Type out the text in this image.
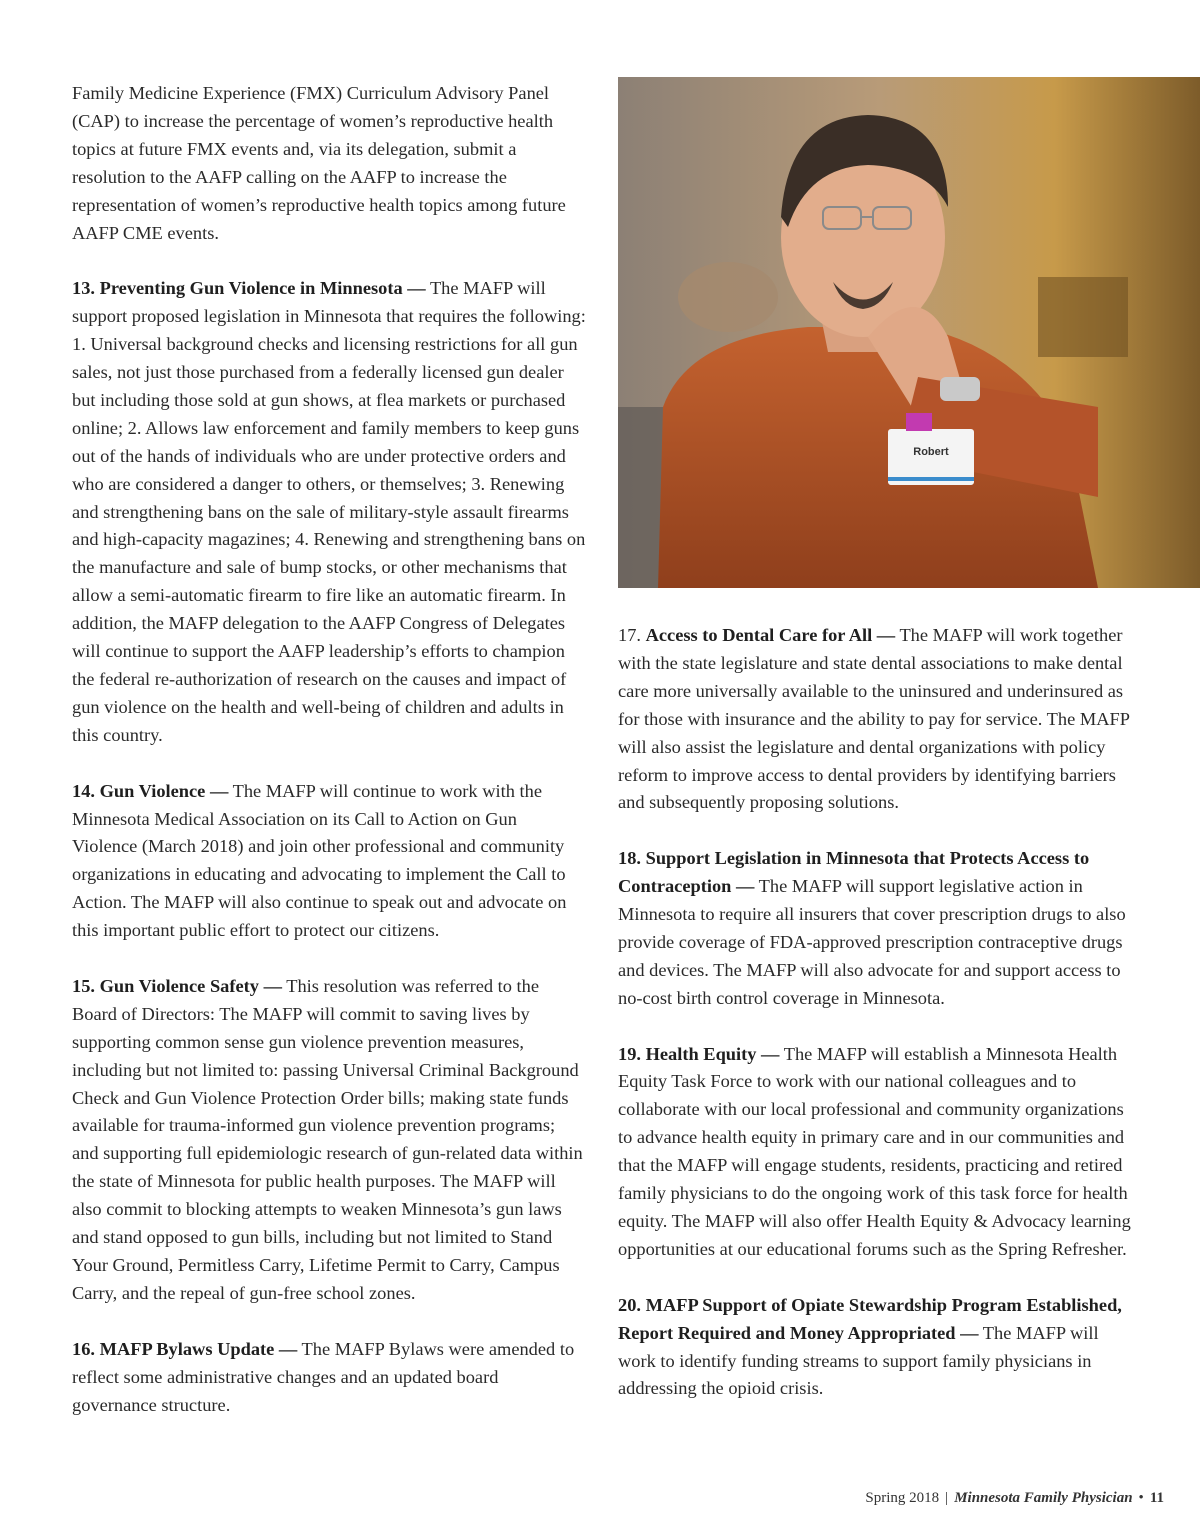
Family Medicine Experience (FMX) Curriculum Advisory Panel (CAP) to increase the percentage of women’s reproductive health topics at future FMX events and, via its delegation, submit a resolution to the AAFP calling on the AAFP to increase the representation of women’s reproductive health topics among future AAFP CME events.

13. Preventing Gun Violence in Minnesota — The MAFP will support proposed legislation in Minnesota that requires the following: 1. Universal background checks and licensing restrictions for all gun sales, not just those purchased from a federally licensed gun dealer but including those sold at gun shows, at flea markets or purchased online; 2. Allows law enforcement and family members to keep guns out of the hands of individuals who are under protective orders and who are considered a danger to others, or themselves; 3. Renewing and strengthening bans on the sale of military-style assault firearms and high-capacity magazines; 4. Renewing and strengthening bans on the manufacture and sale of bump stocks, or other mechanisms that allow a semi-automatic firearm to fire like an automatic firearm. In addition, the MAFP delegation to the AAFP Congress of Delegates will continue to support the AAFP leadership’s efforts to champion the federal re-authorization of research on the causes and impact of gun violence on the health and well-being of children and adults in this country.

14. Gun Violence — The MAFP will continue to work with the Minnesota Medical Association on its Call to Action on Gun Violence (March 2018) and join other professional and community organizations in educating and advocating to implement the Call to Action. The MAFP will also continue to speak out and advocate on this important public effort to protect our citizens.

15. Gun Violence Safety — This resolution was referred to the Board of Directors: The MAFP will commit to saving lives by supporting common sense gun violence prevention measures, including but not limited to: passing Universal Criminal Background Check and Gun Violence Protection Order bills; making state funds available for trauma-informed gun violence prevention programs; and supporting full epidemiologic research of gun-related data within the state of Minnesota for public health purposes. The MAFP will also commit to blocking attempts to weaken Minnesota’s gun laws and stand opposed to gun bills, including but not limited to Stand Your Ground, Permitless Carry, Lifetime Permit to Carry, Campus Carry, and the repeal of gun-free school zones.

16. MAFP Bylaws Update — The MAFP Bylaws were amended to reflect some administrative changes and an updated board governance structure.

Robert

17. Access to Dental Care for All — The MAFP will work together with the state legislature and state dental associations to make dental care more universally available to the uninsured and underinsured as for those with insurance and the ability to pay for service. The MAFP will also assist the legislature and dental organizations with policy reform to improve access to dental providers by identifying barriers and subsequently proposing solutions.

18. Support Legislation in Minnesota that Protects Access to Contraception — The MAFP will support legislative action in Minnesota to require all insurers that cover prescription drugs to also provide coverage of FDA-approved prescription contraceptive drugs and devices. The MAFP will also advocate for and support access to no-cost birth control coverage in Minnesota.

19. Health Equity — The MAFP will establish a Minnesota Health Equity Task Force to work with our national colleagues and to collaborate with our local professional and community organizations to advance health equity in primary care and in our communities and that the MAFP will engage students, residents, practicing and retired family physicians to do the ongoing work of this task force for health equity. The MAFP will also offer Health Equity & Advocacy learning opportunities at our educational forums such as the Spring Refresher.

20. MAFP Support of Opiate Stewardship Program Established, Report Required and Money Appropriated — The MAFP will work to identify funding streams to support family physicians in addressing the opioid crisis.

Spring 2018 | Minnesota Family Physician • 11
